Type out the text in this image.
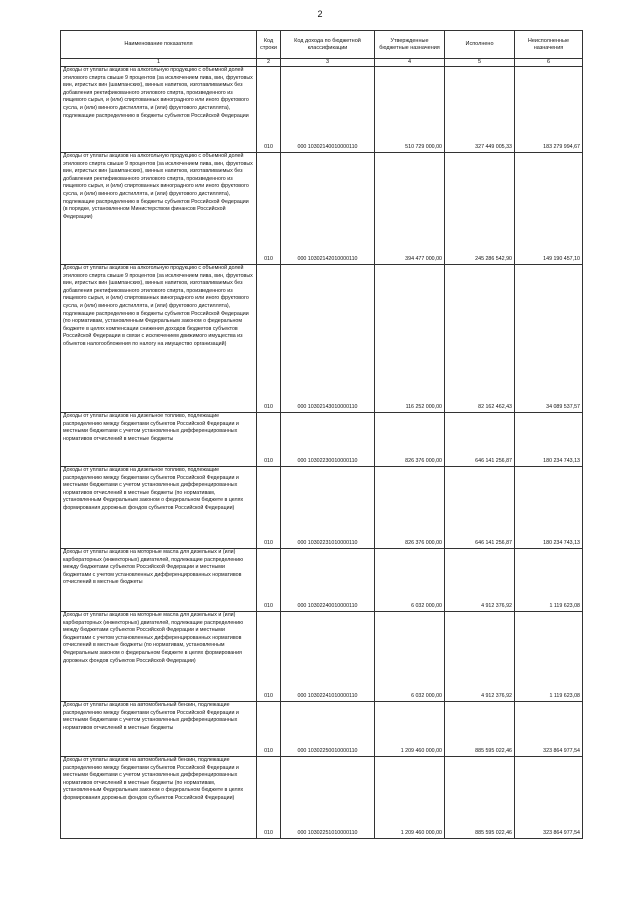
2
Наименование показателя	Код строки	Код дохода по бюджетной классификации	Утвержденные бюджетные назначения	Исполнено	Неисполненные назначения
1	2	3	4	5	6
Доходы от уплаты акцизов на алкогольную продукцию с объемной долей этилового спирта свыше 9 процентов (за исключением пива, вин, фруктовых вин, игристых вин (шампанских), винных напитков, изготавливаемых без добавления ректификованного этилового спирта, произведенного из пищевого сырья, и (или) спиртованных виноградного или иного фруктового сусла, и (или) винного дистиллята, и (или) фруктового дистиллята), подлежащие распределению в бюджеты субъектов Российской Федерации	010	000 10302140010000110	510 729 000,00	327 449 005,33	183 279 994,67
Доходы от уплаты акцизов на алкогольную продукцию с объемной долей этилового спирта свыше 9 процентов (за исключением пива, вин, фруктовых вин, игристых вин (шампанских), винных напитков, изготавливаемых без добавления ректификованного этилового спирта, произведенного из пищевого сырья, и (или) спиртованных виноградного или иного фруктового сусла, и (или) винного дистиллята, и (или) фруктового дистиллята), подлежащие распределению в бюджеты субъектов Российской Федерации (в порядке, установленном Министерством финансов Российской Федерации)	010	000 10302142010000110	394 477 000,00	245 286 542,90	149 190 457,10
Доходы от уплаты акцизов на алкогольную продукцию с объемной долей этилового спирта свыше 9 процентов (за исключением пива, вин, фруктовых вин, игристых вин (шампанских), винных напитков, изготавливаемых без добавления ректификованного этилового спирта, произведенного из пищевого сырья, и (или) спиртованных виноградного или иного фруктового сусла, и (или) винного дистиллята, и (или) фруктового дистиллята), подлежащие распределению в бюджеты субъектов Российской Федерации (по нормативам, установленным Федеральным законом о федеральном бюджете в целях компенсации снижения доходов бюджетов субъектов Российской Федерации в связи с исключением движимого имущества из объектов налогообложения по налогу на имущество организаций)	010	000 10302143010000110	116 252 000,00	82 162 462,43	34 089 537,57
Доходы от уплаты акцизов на дизельное топливо, подлежащие распределению между бюджетами субъектов Российской Федерации и местными бюджетами с учетом установленных дифференцированных нормативов отчислений в местные бюджеты	010	000 10302230010000110	826 376 000,00	646 141 256,87	180 234 743,13
Доходы от уплаты акцизов на дизельное топливо, подлежащие распределению между бюджетами субъектов Российской Федерации и местными бюджетами с учетом установленных дифференцированных нормативов отчислений в местные бюджеты (по нормативам, установленным Федеральным законом о федеральном бюджете в целях формирования дорожных фондов субъектов Российской Федерации)	010	000 10302231010000110	826 376 000,00	646 141 256,87	180 234 743,13
Доходы от уплаты акцизов на моторные масла для дизельных и (или) карбюраторных (инжекторных) двигателей, подлежащие распределению между бюджетами субъектов Российской Федерации и местными бюджетами с учетом установленных дифференцированных нормативов отчислений в местные бюджеты	010	000 10302240010000110	6 032 000,00	4 912 376,92	1 119 623,08
Доходы от уплаты акцизов на моторные масла для дизельных и (или) карбюраторных (инжекторных) двигателей, подлежащие распределению между бюджетами субъектов Российской Федерации и местными бюджетами с учетом установленных дифференцированных нормативов отчислений в местные бюджеты (по нормативам, установленным Федеральным законом о федеральном бюджете в целях формирования дорожных фондов субъектов Российской Федерации)	010	000 10302241010000110	6 032 000,00	4 912 376,92	1 119 623,08
Доходы от уплаты акцизов на автомобильный бензин, подлежащие распределению между бюджетами субъектов Российской Федерации и местными бюджетами с учетом установленных дифференцированных нормативов отчислений в местные бюджеты	010	000 10302250010000110	1 209 460 000,00	885 595 022,46	323 864 977,54
Доходы от уплаты акцизов на автомобильный бензин, подлежащие распределению между бюджетами субъектов Российской Федерации и местными бюджетами с учетом установленных дифференцированных нормативов отчислений в местные бюджеты (по нормативам, установленным Федеральным законом о федеральном бюджете в целях формирования дорожных фондов субъектов Российской Федерации)	010	000 10302251010000110	1 209 460 000,00	885 595 022,46	323 864 977,54
